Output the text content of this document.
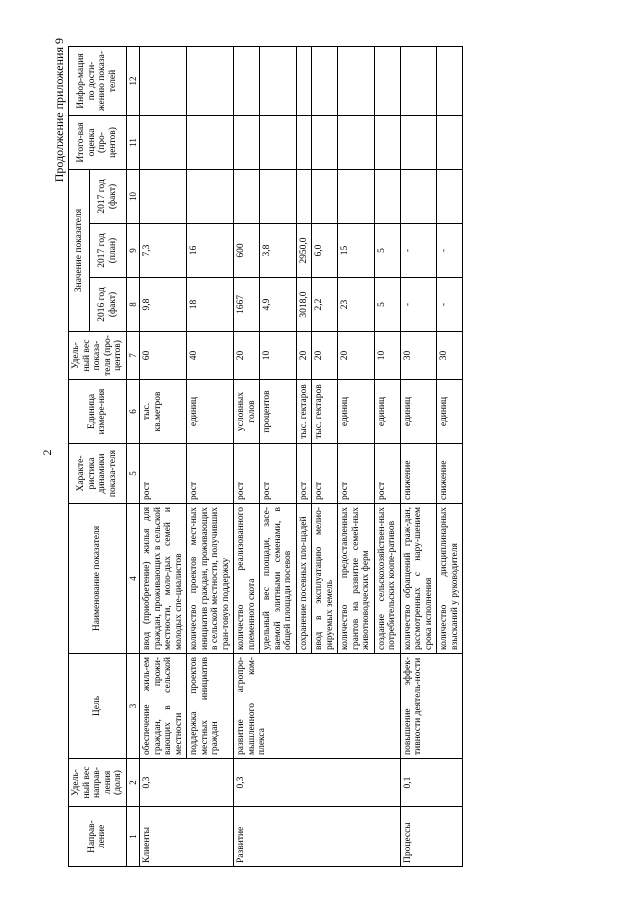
2
Продолжение приложения 9
Направ-ление	Удель-ный вес направ-ления (доля)	Цель	Наименование показателя	Характе-ристика динамики показа-теля	Единица измере-ния	Удель-ный вес показа-теля (про-центов)	Значение показателя			Итого-вая оценка (про-центов)	Инфор-мация по дости-жению показа-телей
							2016 год (факт)	2017 год (план)	2017 год (факт)		
1	2	3	4	5	6	7	8	9	10	11	12
Клиенты	0,3	обеспечение жиль-ем граждан, прожи-вающих в сельской местности	ввод (приобретение) жилья для граждан, проживающих в сельской местности, моло-дых семей и молодых спе-циалистов	рост	тыс. кв.метров	60	9,8	7,3			
		поддержка проектов местных инициатив граждан	количество проектов мест-ных инициатив граждан, проживающих в сельской местности, получивших гран-товую поддержку	рост	единиц	40	18	16			
Развитие	0,3	развитие агропро-мышленного ком-плекса	количество реализованного племенного скота	рост	условных голов	20	1667	600			
			удельный вес площади, засе-ваемой элитными семенами, в общей площади посевов	рост	процентов	10	4,9	3,8			
			сохранение посевных пло-щадей	рост	тыс. гектаров	20	3018,0	2950,0			
			ввод в эксплуатацию мелио-рируемых земель	рост	тыс. гектаров	20	2,2	6,0			
			количество предоставленных грантов на развитие семей-ных животноводческих ферм	рост	единиц	20	23	15			
			создание сельскохозяйствен-ных потребительских коопе-ративов	рост	единиц	10	5	5			
Процессы	0,1	повышение эффек-тивности деятель-ности	количество обращений граж-дан, рассмотренных с нару-шением срока исполнения	снижение	единиц	30	-	-			
			количество дисциплинарных взысканий у руководителя	снижение	единиц	30	-	-			
